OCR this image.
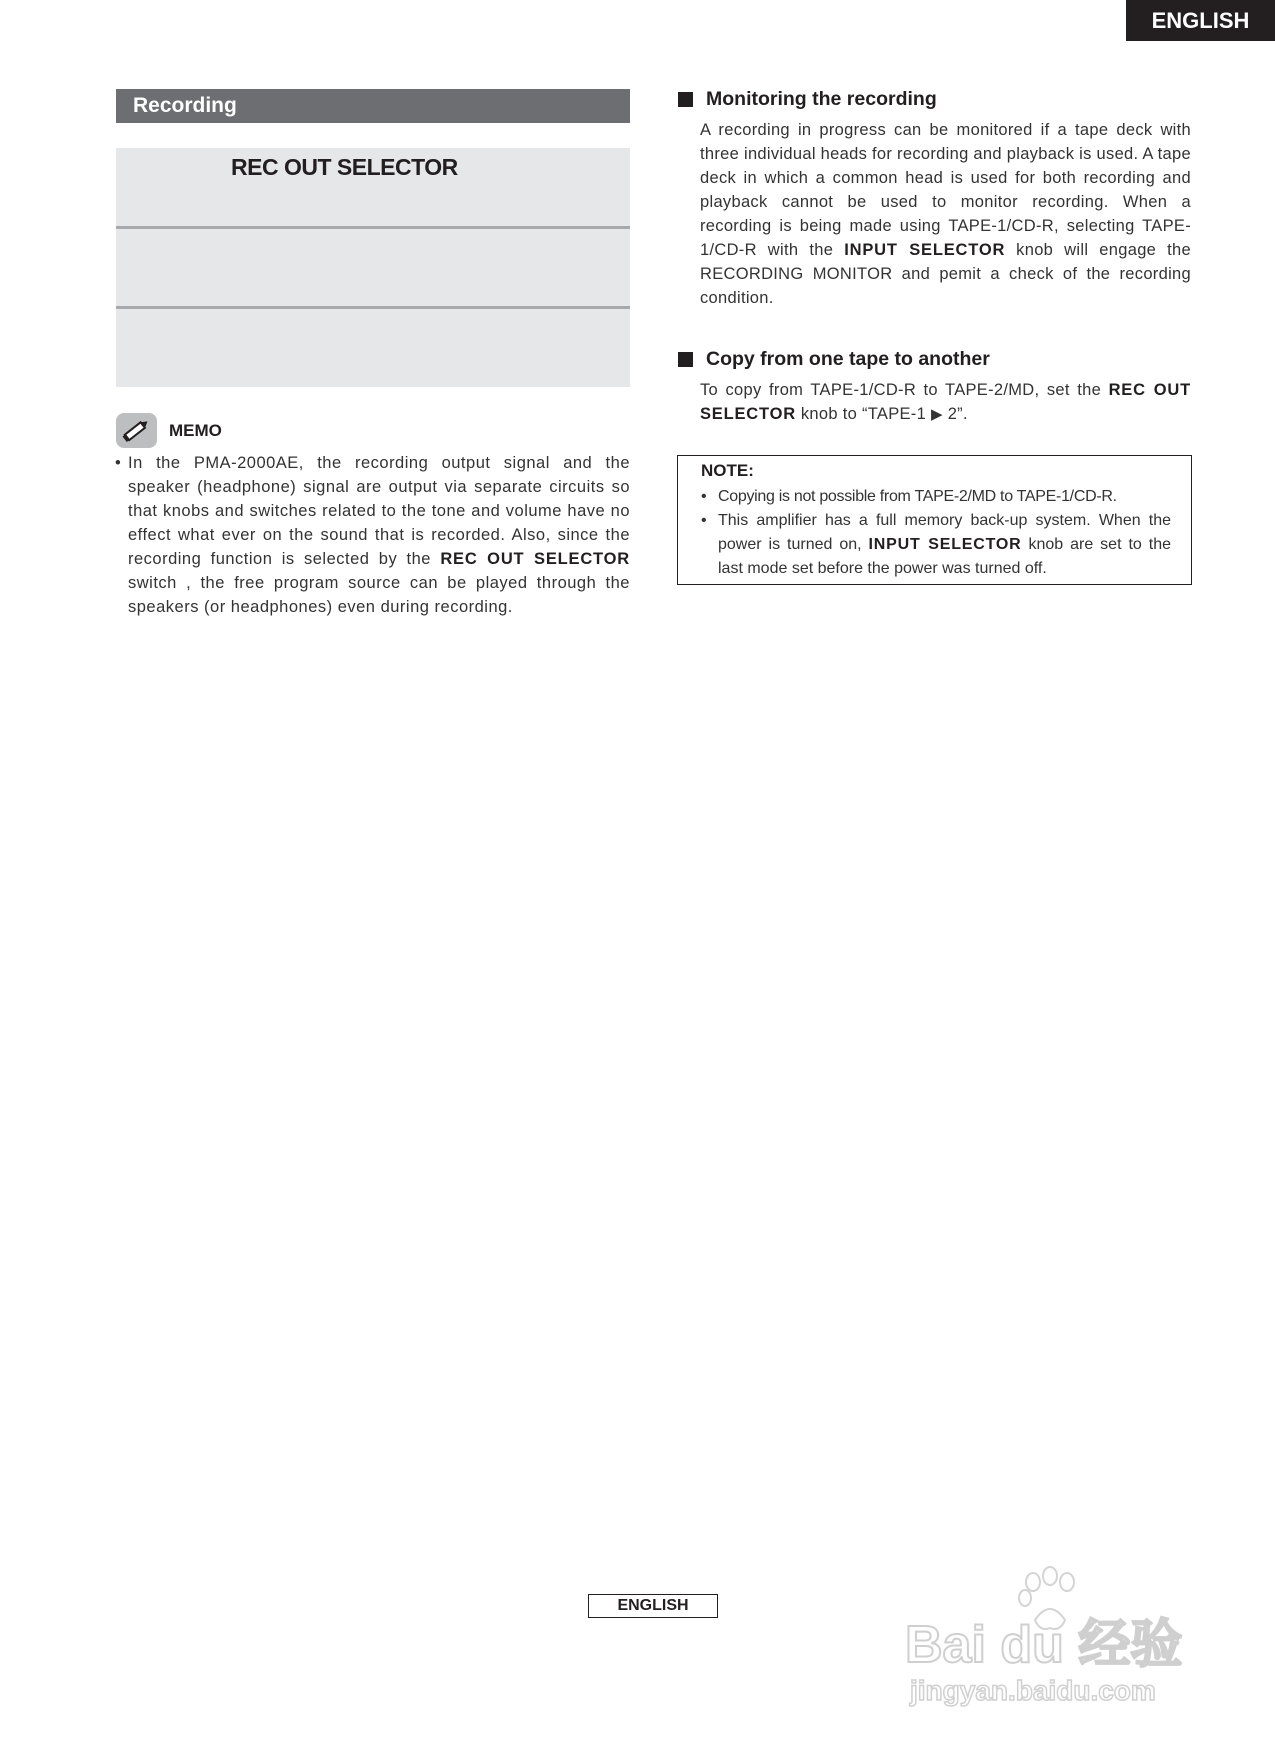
ENGLISH
Recording
REC OUT SELECTOR
MEMO
• In the PMA-2000AE, the recording output signal and the speaker (headphone) signal are output via separate circuits so that knobs and switches related to the tone and volume have no effect what ever on the sound that is recorded. Also, since the recording function is selected by the REC OUT SELECTOR switch , the free program source can be played through the speakers (or headphones) even during recording.
Monitoring the recording
A recording in progress can be monitored if a tape deck with three individual heads for recording and playback is used. A tape deck in which a common head is used for both recording and playback cannot be used to monitor recording. When a recording is being made using TAPE-1/CD-R, selecting TAPE-1/CD-R with the INPUT SELECTOR knob will engage the RECORDING MONITOR and pemit a check of the recording condition.
Copy from one tape to another
To copy from TAPE-1/CD-R to TAPE-2/MD, set the REC OUT SELECTOR knob to “TAPE-1 ▶ 2”.
NOTE:
• Copying is not possible from TAPE-2/MD to TAPE-1/CD-R.
• This amplifier has a full memory back-up system. When the power is turned on, INPUT SELECTOR knob are set to the last mode set before the power was turned off.
ENGLISH
Bai du 经验
jingyan.baidu.com
